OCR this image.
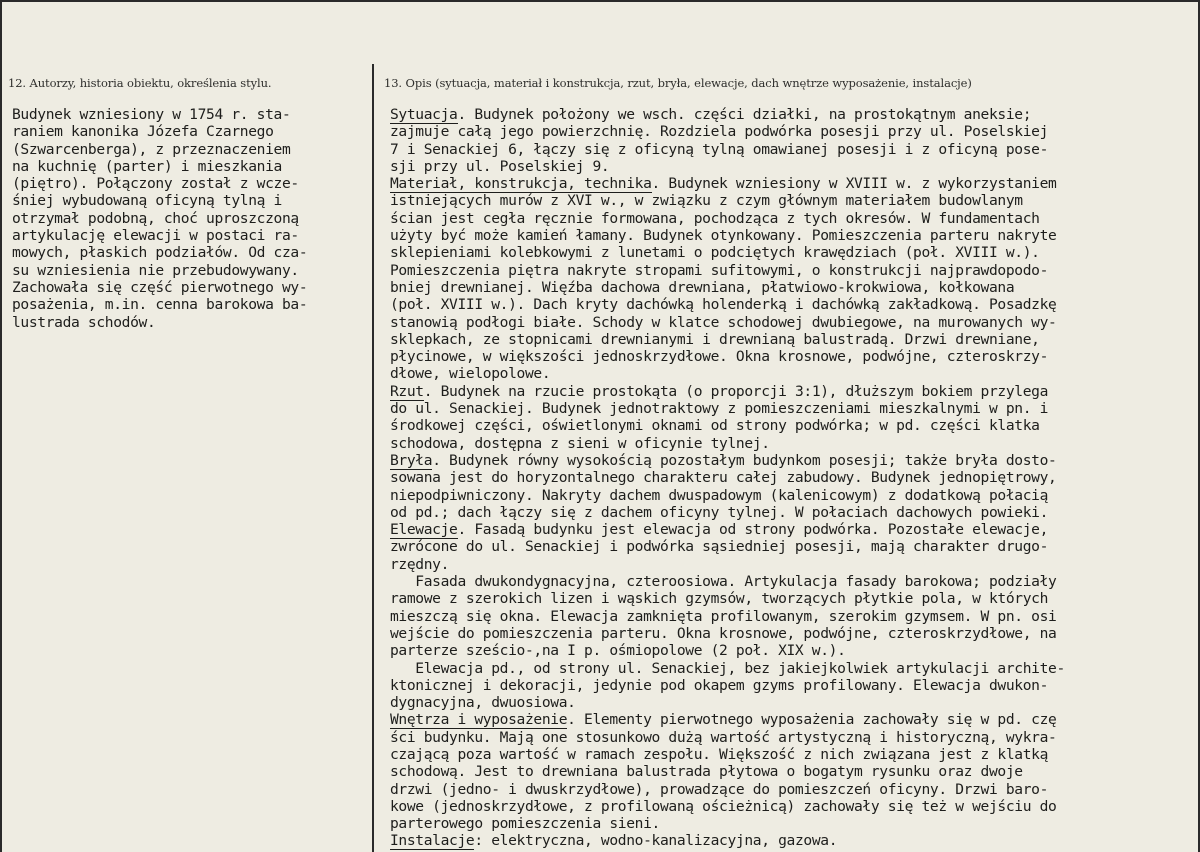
12. Autorzy, historia obiektu, określenia stylu.	13. Opis (sytuacja, materiał i konstrukcja, rzut, bryła, elewacje, dach wnętrze wyposażenie, instalacje)
Budynek wzniesiony w 1754 r. sta-
raniem kanonika Józefa Czarnego
(Szwarcenberga), z przeznaczeniem
na kuchnię (parter) i mieszkania
(piętro). Połączony został z wcze-
śniej wybudowaną oficyną tylną i
otrzymał podobną, choć uproszczoną
artykulację elewacji w postaci ra-
mowych, płaskich podziałów. Od cza-
su wzniesienia nie przebudowywany.
Zachowała się część pierwotnego wy-
posażenia, m.in. cenna barokowa ba-
lustrada schodów.
Sytuacja. Budynek położony we wsch. części działki, na prostokątnym aneksie;
zajmuje całą jego powierzchnię. Rozdziela podwórka posesji przy ul. Poselskiej
7 i Senackiej 6, łączy się z oficyną tylną omawianej posesji i z oficyną pose-
sji przy ul. Poselskiej 9.
Materiał, konstrukcja, technika. Budynek wzniesiony w XVIII w. z wykorzystaniem
istniejących murów z XVI w., w związku z czym głównym materiałem budowlanym
ścian jest cegła ręcznie formowana, pochodząca z tych okresów. W fundamentach
użyty być może kamień łamany. Budynek otynkowany. Pomieszczenia parteru nakryte
sklepieniami kolebkowymi z lunetami o podciętych krawędziach (poł. XVIII w.).
Pomieszczenia piętra nakryte stropami sufitowymi, o konstrukcji najprawdopodo-
bniej drewnianej. Więźba dachowa drewniana, płatwiowo-krokwiowa, kołkowana
(poł. XVIII w.). Dach kryty dachówką holenderką i dachówką zakładkową. Posadzkę
stanowią podłogi białe. Schody w klatce schodowej dwubiegowe, na murowanych wy-
sklepkach, ze stopnicami drewnianymi i drewnianą balustradą. Drzwi drewniane,
płycinowe, w większości jednoskrzydłowe. Okna krosnowe, podwójne, czteroskrzy-
dłowe, wielopolowe.
Rzut. Budynek na rzucie prostokąta (o proporcji 3:1), dłuższym bokiem przylega
do ul. Senackiej. Budynek jednotraktowy z pomieszczeniami mieszkalnymi w pn. i
środkowej części, oświetlonymi oknami od strony podwórka; w pd. części klatka
schodowa, dostępna z sieni w oficynie tylnej.
Bryła. Budynek równy wysokością pozostałym budynkom posesji; także bryła dosto-
sowana jest do horyzontalnego charakteru całej zabudowy. Budynek jednopiętrowy,
niepodpiwniczony. Nakryty dachem dwuspadowym (kalenicowym) z dodatkową połacią
od pd.; dach łączy się z dachem oficyny tylnej. W połaciach dachowych powieki.
Elewacje. Fasadą budynku jest elewacja od strony podwórka. Pozostałe elewacje,
zwrócone do ul. Senackiej i podwórka sąsiedniej posesji, mają charakter drugo-
rzędny.
Fasada dwukondygnacyjna, czteroosiowa. Artykulacja fasady barokowa; podziały
ramowe z szerokich lizen i wąskich gzymsów, tworzących płytkie pola, w których
mieszczą się okna. Elewacja zamknięta profilowanym, szerokim gzymsem. W pn. osi
wejście do pomieszczenia parteru. Okna krosnowe, podwójne, czteroskrzydłowe, na
parterze sześcio-,na I p. ośmiopolowe (2 poł. XIX w.).
Elewacja pd., od strony ul. Senackiej, bez jakiejkolwiek artykulacji archite-
ktonicznej i dekoracji, jedynie pod okapem gzyms profilowany. Elewacja dwukon-
dygnacyjna, dwuosiowa.
Wnętrza i wyposażenie. Elementy pierwotnego wyposażenia zachowały się w pd. czę
ści budynku. Mają one stosunkowo dużą wartość artystyczną i historyczną, wykra-
czającą poza wartość w ramach zespołu. Większość z nich związana jest z klatką
schodową. Jest to drewniana balustrada płytowa o bogatym rysunku oraz dwoje
drzwi (jedno- i dwuskrzydłowe), prowadzące do pomieszczeń oficyny. Drzwi baro-
kowe (jednoskrzydłowe, z profilowaną ościeżnicą) zachowały się też w wejściu do
parterowego pomieszczenia sieni.
Instalacje: elektryczna, wodno-kanalizacyjna, gazowa.
